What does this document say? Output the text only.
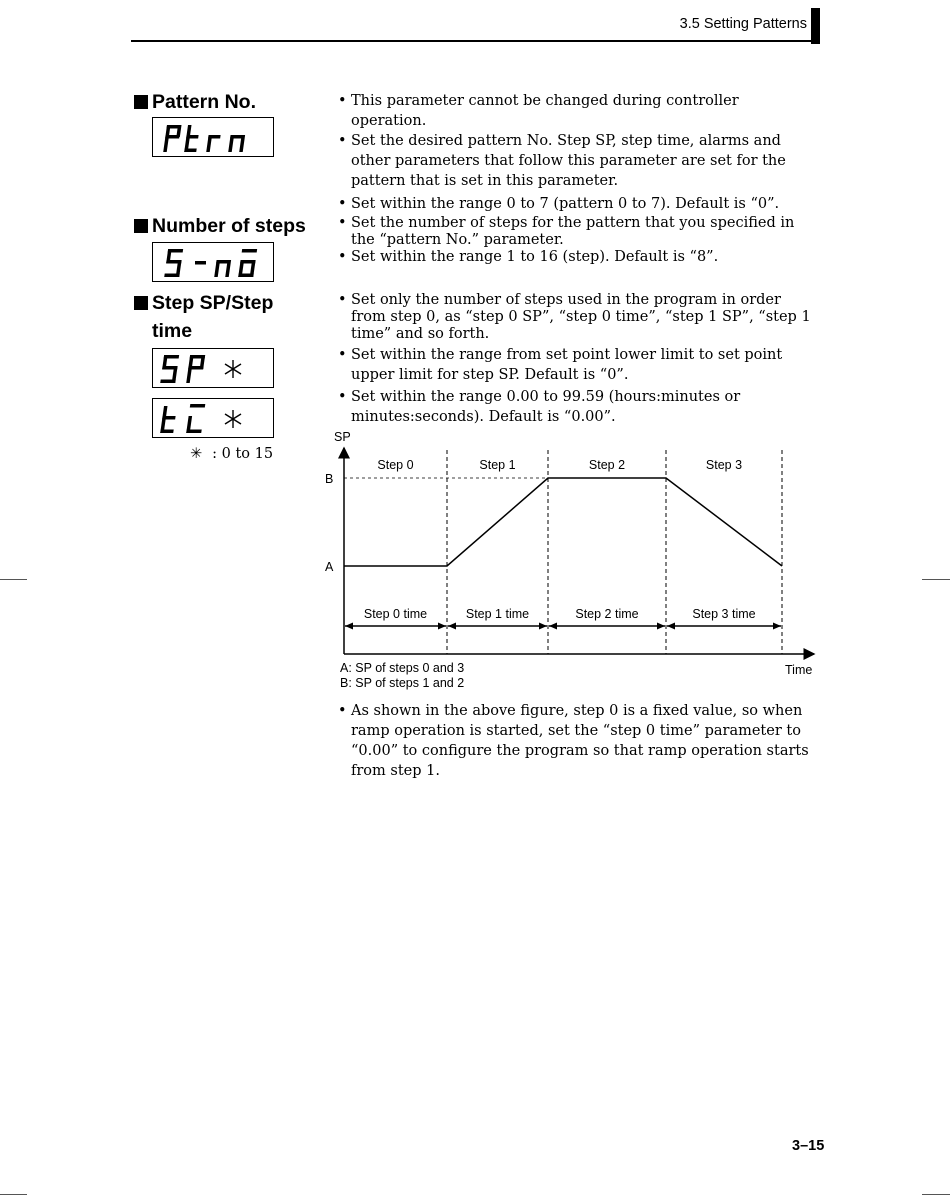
3.5 Setting Patterns
Pattern No.	• This parameter cannot be changed during controller operation.
• Set the desired pattern No. Step SP, step time, alarms and other parameters that follow this parameter are set for the pattern that is set in this parameter.
• Set within the range 0 to 7 (pattern 0 to 7). Default is “0”.
Number of steps	• Set the number of steps for the pattern that you specified in the “pattern No.” parameter.
• Set within the range 1 to 16 (step). Default is “8”.
Step SP/Step
time
✳ : 0 to 15
• Set only the number of steps used in the program in order from step 0, as “step 0 SP”, “step 0 time”, “step 1 SP”, “step 1 time” and so forth.
• Set within the range from set point lower limit to set point upper limit for step SP. Default is “0”.
• Set within the range 0.00 to 99.59 (hours:minutes or minutes:seconds). Default is “0.00”.
SP
Time
B
A
Step 0	Step 1	Step 2	Step 3
Step 0 time	Step 1 time	Step 2 time	Step 3 time
A: SP of steps 0 and 3
B: SP of steps 1 and 2
• As shown in the above figure, step 0 is a fixed value, so when ramp operation is started, set the “step 0 time” parameter to “0.00” to configure the program so that ramp operation starts from step 1.
3–15
